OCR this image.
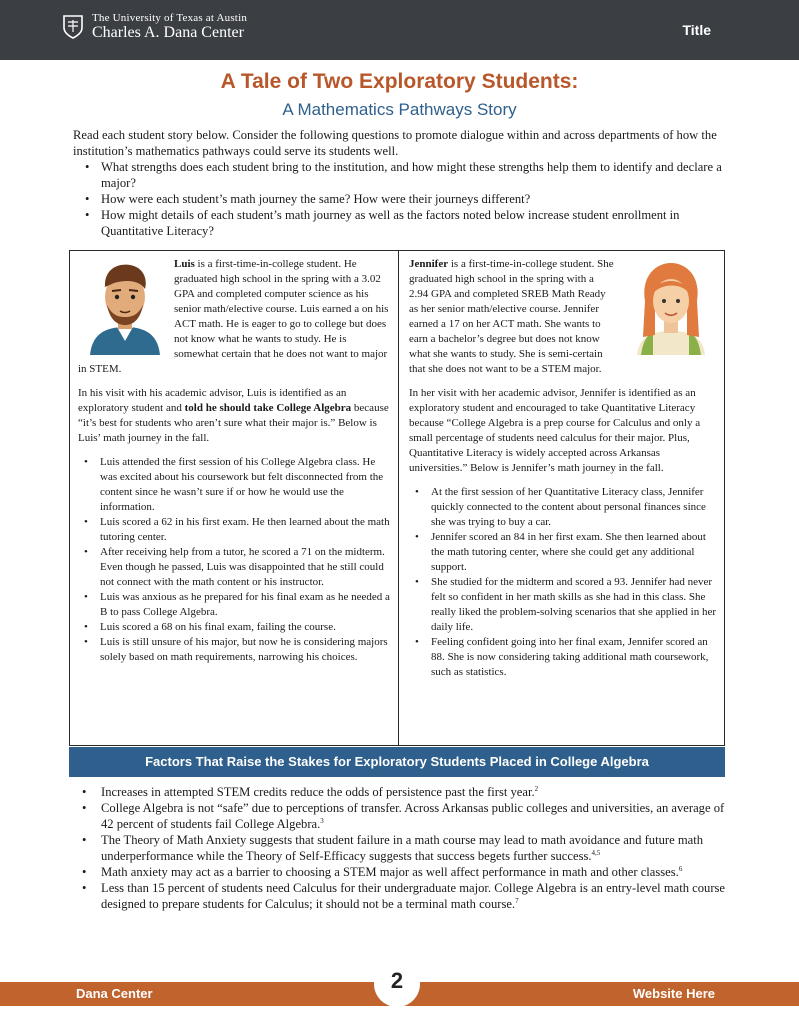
The University of Texas at Austin
Charles A. Dana Center	Title
A Tale of Two Exploratory Students:
A Mathematics Pathways Story

Read each student story below. Consider the following questions to promote dialogue within and across departments of how the institution’s mathematics pathways could serve its students well.

• What strengths does each student bring to the institution, and how might these strengths help them to identify and declare a major?
• How were each student’s math journey the same? How were their journeys different?
• How might details of each student’s math journey as well as the factors noted below increase student enrollment in Quantitative Literacy?

Luis is a first-time-in-college student. He graduated high school in the spring with a 3.02 GPA and completed computer science as his senior math/elective course. Luis earned a on his ACT math. He is eager to go to college but does not know what he wants to study. He is somewhat certain that he does not want to major in STEM.

In his visit with his academic advisor, Luis is identified as an exploratory student and told he should take College Algebra because “it’s best for students who aren’t sure what their major is.” Below is Luis’ math journey in the fall.

• Luis attended the first session of his College Algebra class. He was excited about his coursework but felt disconnected from the content since he wasn’t sure if or how he would use the information.
• Luis scored a 62 in his first exam. He then learned about the math tutoring center.
• After receiving help from a tutor, he scored a 71 on the midterm. Even though he passed, Luis was disappointed that he still could not connect with the math content or his instructor.
• Luis was anxious as he prepared for his final exam as he needed a B to pass College Algebra.
• Luis scored a 68 on his final exam, failing the course.
• Luis is still unsure of his major, but now he is considering majors solely based on math requirements, narrowing his choices.

Jennifer is a first-time-in-college student. She graduated high school in the spring with a 2.94 GPA and completed SREB Math Ready as her senior math/elective course. Jennifer earned a 17 on her ACT math. She wants to earn a bachelor’s degree but does not know what she wants to study. She is semi-certain that she does not want to be a STEM major.

In her visit with her academic advisor, Jennifer is identified as an exploratory student and encouraged to take Quantitative Literacy because “College Algebra is a prep course for Calculus and only a small percentage of students need calculus for their major. Plus, Quantitative Literacy is widely accepted across Arkansas universities.” Below is Jennifer’s math journey in the fall.

• At the first session of her Quantitative Literacy class, Jennifer quickly connected to the content about personal finances since she was trying to buy a car.
• Jennifer scored an 84 in her first exam. She then learned about the math tutoring center, where she could get any additional support.
• She studied for the midterm and scored a 93. Jennifer had never felt so confident in her math skills as she had in this class. She really liked the problem-solving scenarios that she applied in her daily life.
• Feeling confident going into her final exam, Jennifer scored an 88. She is now considering taking additional math coursework, such as statistics.
Factors That Raise the Stakes for Exploratory Students Placed in College Algebra
• Increases in attempted STEM credits reduce the odds of persistence past the first year.$^2$
• College Algebra is not “safe” due to perceptions of transfer. Across Arkansas public colleges and universities, an average of 42 percent of students fail College Algebra.$^3$
• The Theory of Math Anxiety suggests that student failure in a math course may lead to math avoidance and future math underperformance while the Theory of Self-Efficacy suggests that success begets further success.$^{4,5}$
• Math anxiety may act as a barrier to choosing a STEM major as well affect performance in math and other classes.$^6$
• Less than 15 percent of students need Calculus for their undergraduate major. College Algebra is an entry-level math course designed to prepare students for Calculus; it should not be a terminal math course.$^7$
Dana Center	Website Here
2
